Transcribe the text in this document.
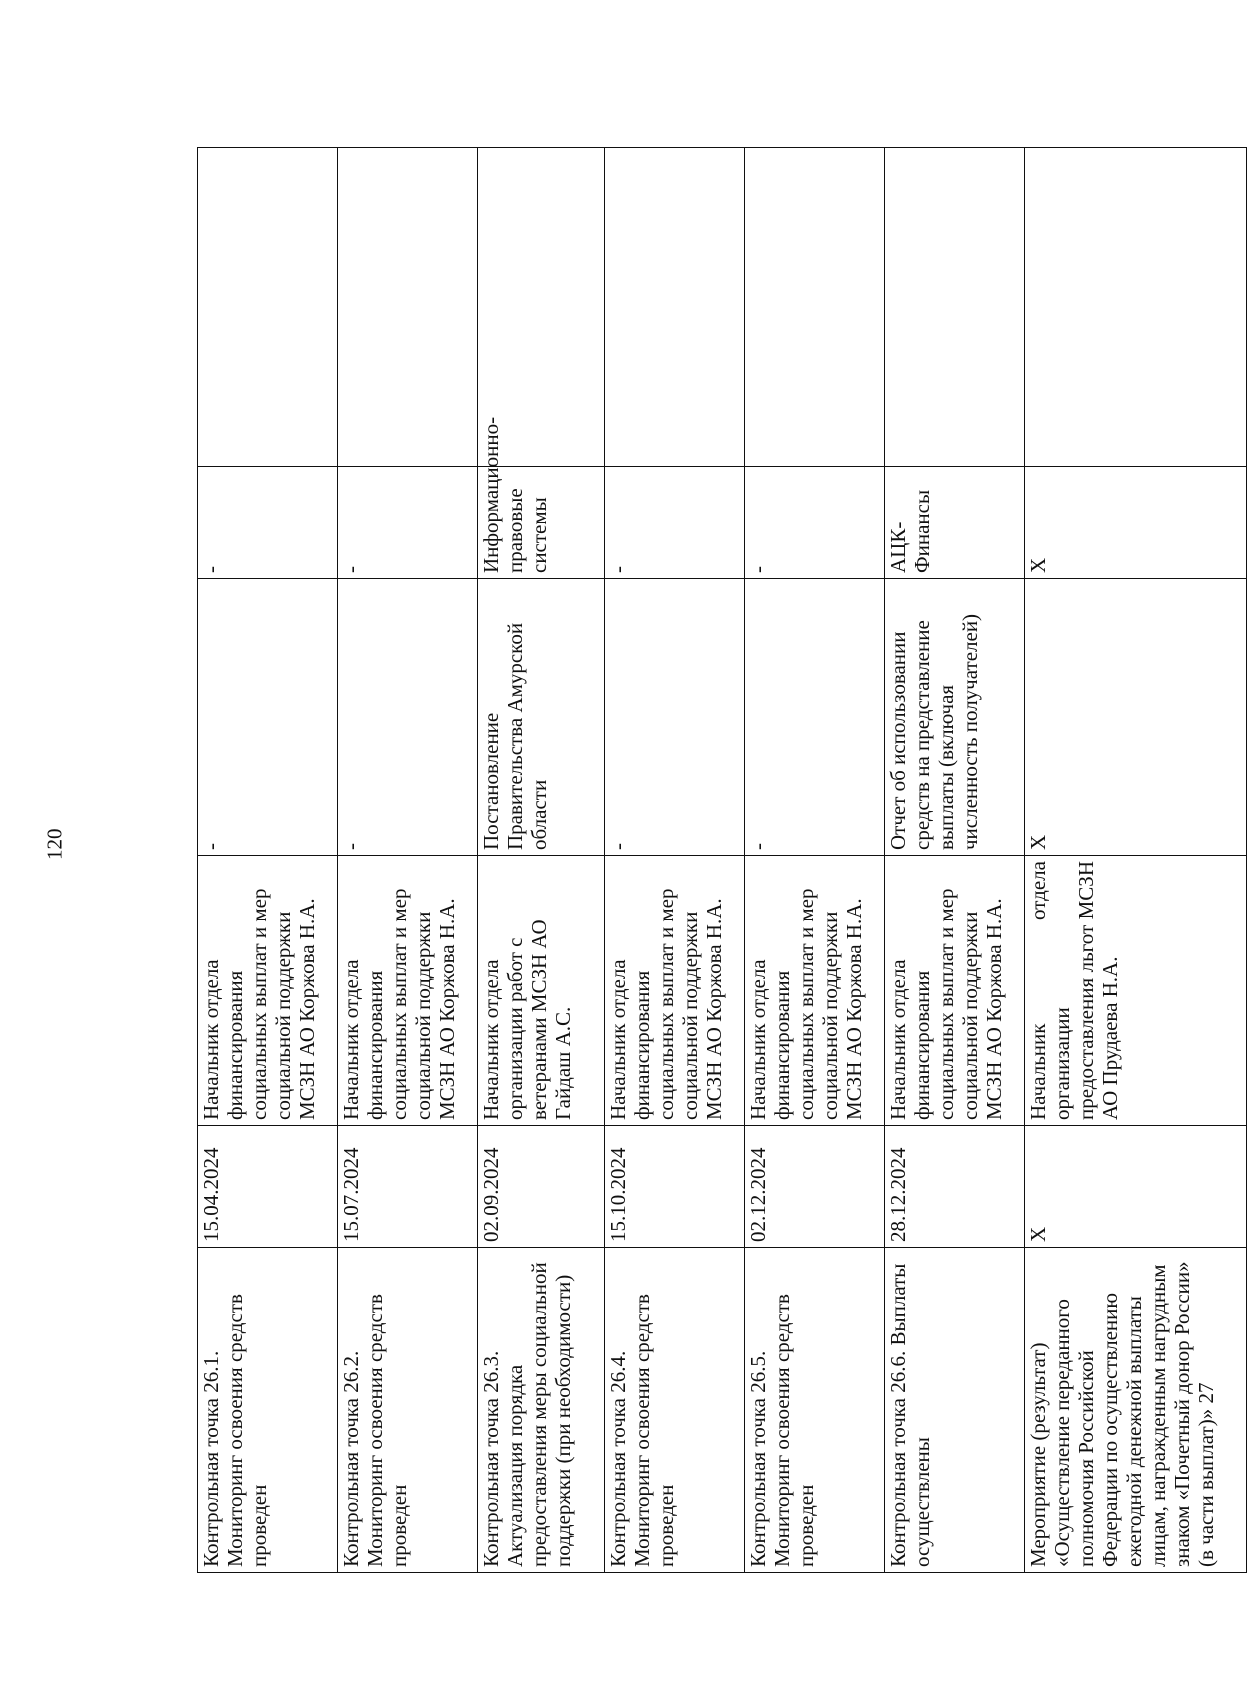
120
Контрольная точка 26.1. Мониторинг освоения средств проведен	15.04.2024	Начальник отдела финансирования социальных выплат и мер социальной поддержки МСЗН АО Коржова Н.А.	-	-	
Контрольная точка 26.2. Мониторинг освоения средств проведен	15.07.2024	Начальник отдела финансирования социальных выплат и мер социальной поддержки МСЗН АО Коржова Н.А.	-	-	
Контрольная точка 26.3. Актуализация порядка предоставления меры социальной поддержки (при необходимости)	02.09.2024	Начальник отдела организации работ с ветеранами МСЗН АО Гайдаш А.С.	Постановление Правительства Амурской области	Информационно-правовые системы	
Контрольная точка 26.4. Мониторинг освоения средств проведен	15.10.2024	Начальник отдела финансирования социальных выплат и мер социальной поддержки МСЗН АО Коржова Н.А.	-	-	
Контрольная точка 26.5. Мониторинг освоения средств проведен	02.12.2024	Начальник отдела финансирования социальных выплат и мер социальной поддержки МСЗН АО Коржова Н.А.	-	-	
Контрольная точка 26.6. Выплаты осуществлены	28.12.2024	Начальник отдела финансирования социальных выплат и мер социальной поддержки МСЗН АО Коржова Н.А.	Отчет об использовании средств на представление выплаты (включая численность получателей)	АЦК-Финансы	
Мероприятие (результат) «Осуществление переданного полномочия Российской Федерации по осуществлению ежегодной денежной выплаты лицам, награжденным нагрудным знаком «Почетный донор России» (в части выплат)» 27	X	Начальник отдела организации предоставления льгот МСЗН АО Прудаева Н.А.	X	X	
